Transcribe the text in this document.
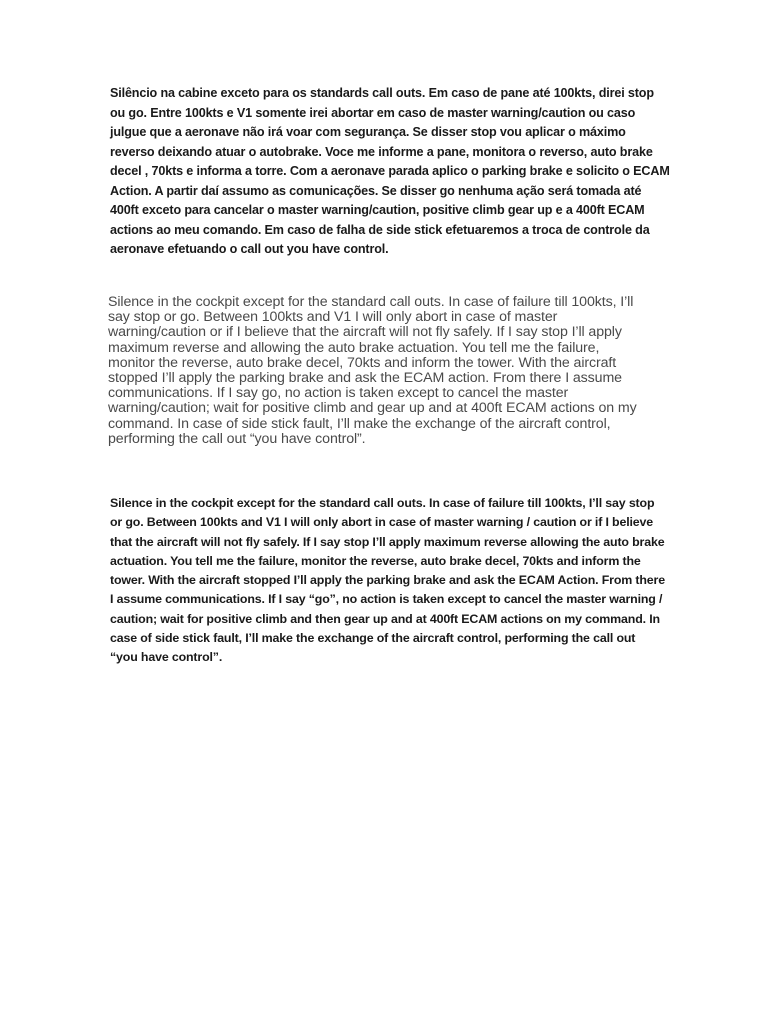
Silêncio na cabine exceto para os standards call outs. Em caso de pane até 100kts, direi stop ou go. Entre 100kts e V1 somente irei abortar em caso de master warning/caution ou caso julgue que a aeronave não irá voar com segurança. Se disser stop vou aplicar o máximo reverso deixando atuar o autobrake. Voce me informe a pane, monitora o reverso, auto brake decel , 70kts e informa a torre. Com a aeronave parada aplico o parking brake e solicito o ECAM Action. A partir daí assumo as comunicações. Se disser go nenhuma ação será tomada até 400ft exceto para cancelar o master warning/caution, positive climb gear up e a 400ft ECAM actions ao meu comando. Em caso de falha de side stick efetuaremos a troca de controle da aeronave efetuando o call out you have control.

Silence in the cockpit except for the standard call outs. In case of failure till 100kts, I’ll say stop or go. Between 100kts and V1 I will only abort in case of master warning/caution or if I believe that the aircraft will not fly safely. If I say stop I’ll apply maximum reverse and allowing the auto brake actuation. You tell me the failure, monitor the reverse, auto brake decel, 70kts and inform the tower. With the aircraft stopped I’ll apply the parking brake and ask the ECAM action. From there I assume communications. If I say go, no action is taken except to cancel the master warning/caution; wait for positive climb and gear up and at 400ft ECAM actions on my command. In case of side stick fault, I’ll make the exchange of the aircraft control, performing the call out “you have control”.

Silence in the cockpit except for the standard call outs. In case of failure till 100kts, I’ll say stop or go. Between 100kts and V1 I will only abort in case of master warning / caution or if I believe that the aircraft will not fly safely. If I say stop I’ll apply maximum reverse allowing the auto brake actuation. You tell me the failure, monitor the reverse, auto brake decel, 70kts and inform the tower. With the aircraft stopped I’ll apply the parking brake and ask the ECAM Action. From there I assume communications. If I say “go”, no action is taken except to cancel the master warning / caution; wait for positive climb and then gear up and at 400ft ECAM actions on my command. In case of side stick fault, I’ll make the exchange of the aircraft control, performing the call out “you have control”.
